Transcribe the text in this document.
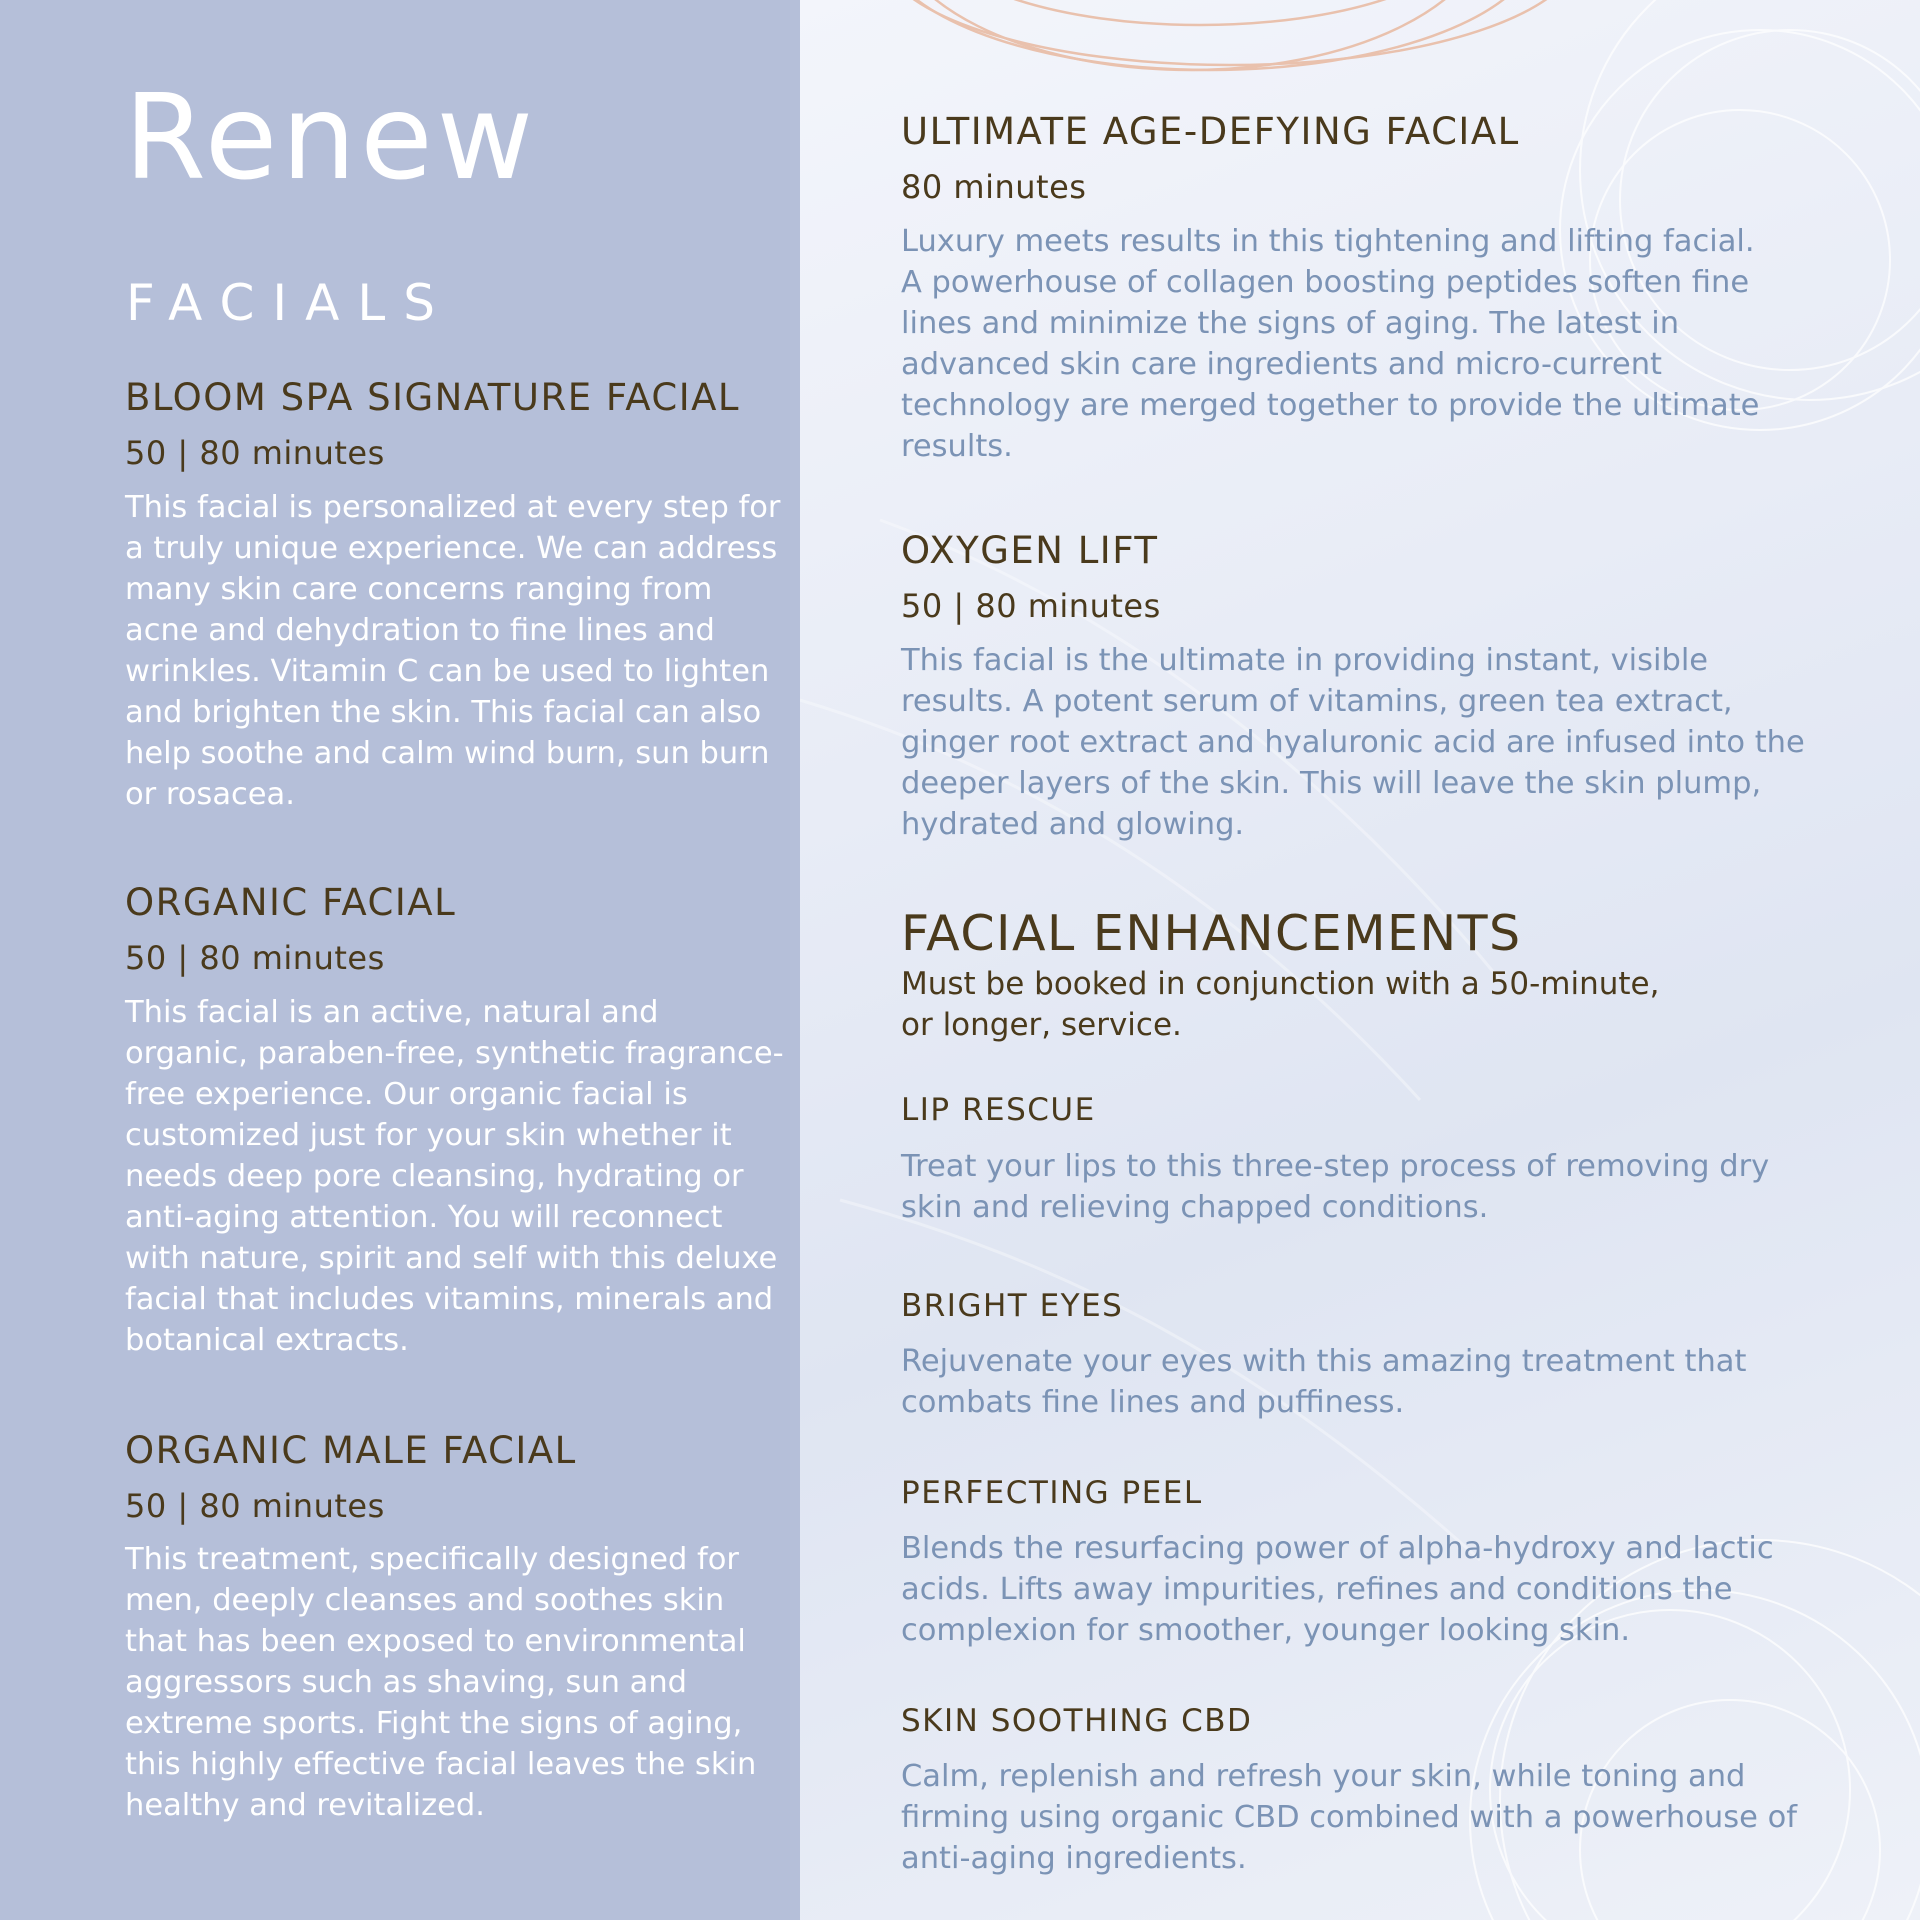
Renew
FACIALS
BLOOM SPA SIGNATURE FACIAL
50 | 80 minutes
This facial is personalized at every step for a truly unique experience. We can address many skin care concerns ranging from acne and dehydration to fine lines and wrinkles. Vitamin C can be used to lighten and brighten the skin. This facial can also help soothe and calm wind burn, sun burn or rosacea.
ORGANIC FACIAL
50 | 80 minutes
This facial is an active, natural and organic, paraben-free, synthetic fragrance-free experience. Our organic facial is customized just for your skin whether it needs deep pore cleansing, hydrating or anti-aging attention. You will reconnect with nature, spirit and self with this deluxe facial that includes vitamins, minerals and botanical extracts.
ORGANIC MALE FACIAL
50 | 80 minutes
This treatment, specifically designed for men, deeply cleanses and soothes skin that has been exposed to environmental aggressors such as shaving, sun and extreme sports. Fight the signs of aging, this highly effective facial leaves the skin healthy and revitalized.
ULTIMATE AGE-DEFYING FACIAL
80 minutes
Luxury meets results in this tightening and lifting facial. A powerhouse of collagen boosting peptides soften fine lines and minimize the signs of aging. The latest in advanced skin care ingredients and micro-current technology are merged together to provide the ultimate results.
OXYGEN LIFT
50 | 80 minutes
This facial is the ultimate in providing instant, visible results. A potent serum of vitamins, green tea extract, ginger root extract and hyaluronic acid are infused into the deeper layers of the skin. This will leave the skin plump, hydrated and glowing.
FACIAL ENHANCEMENTS
Must be booked in conjunction with a 50-minute, or longer, service.
LIP RESCUE
Treat your lips to this three-step process of removing dry skin and relieving chapped conditions.
BRIGHT EYES
Rejuvenate your eyes with this amazing treatment that combats fine lines and puffiness.
PERFECTING PEEL
Blends the resurfacing power of alpha-hydroxy and lactic acids. Lifts away impurities, refines and conditions the complexion for smoother, younger looking skin.
SKIN SOOTHING CBD
Calm, replenish and refresh your skin, while toning and firming using organic CBD combined with a powerhouse of anti-aging ingredients.
